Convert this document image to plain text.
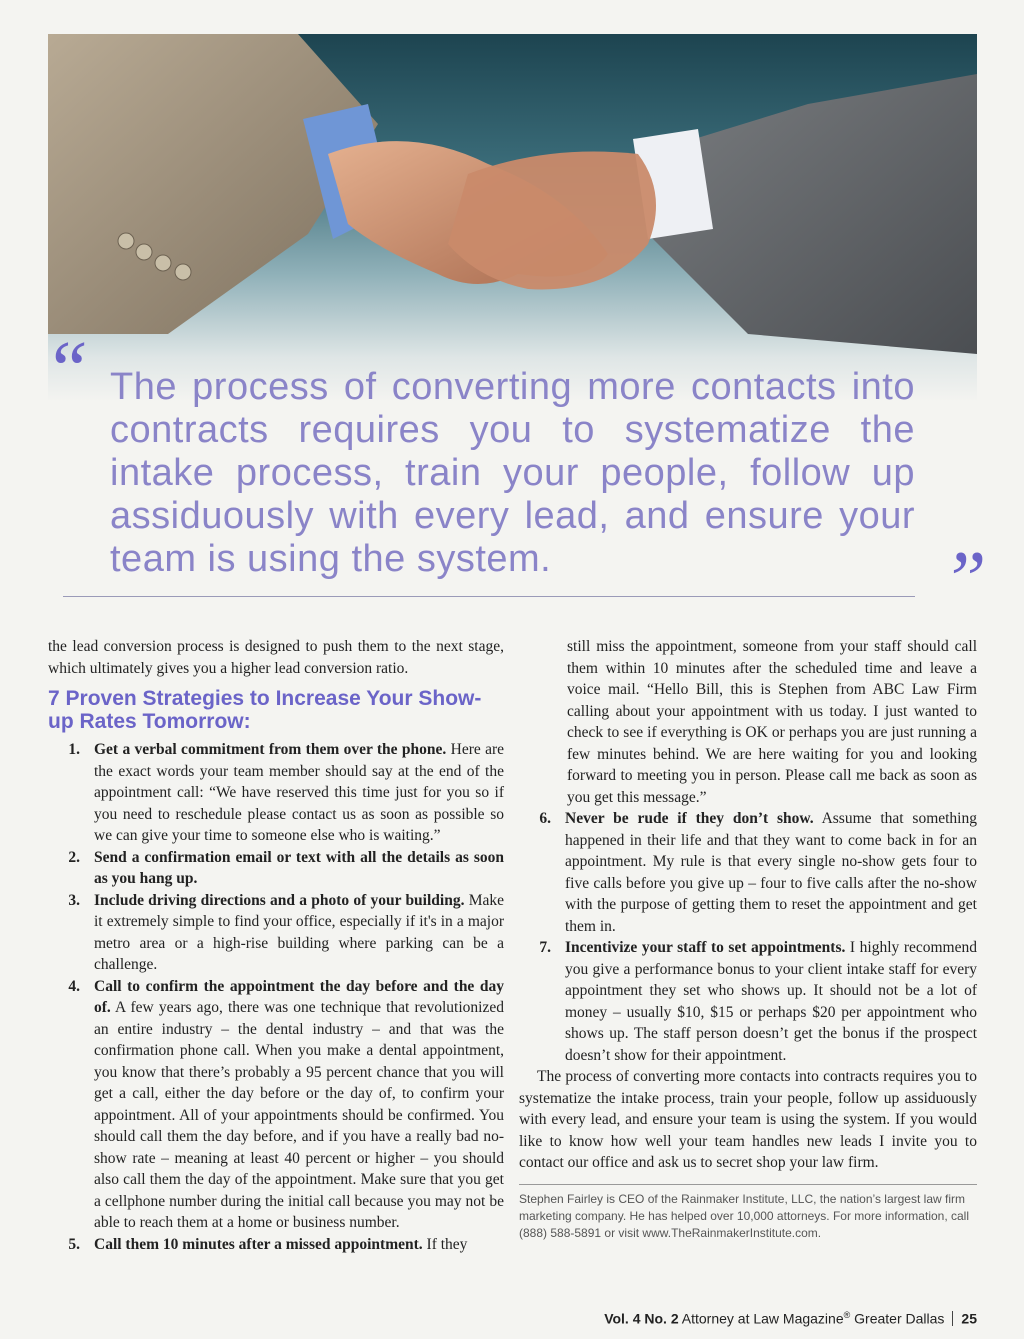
“ The process of converting more contacts into contracts requires you to systematize the intake process, train your people, follow up assiduously with every lead, and ensure your team is using the system.	”

the lead conversion process is designed to push them to the next stage, which ultimately gives you a higher lead conversion ratio.

7 Proven Strategies to Increase Your Show-up Rates Tomorrow:

1. Get a verbal commitment from them over the phone. Here are the exact words your team member should say at the end of the appointment call: “We have reserved this time just for you so if you need to reschedule please contact us as soon as possible so we can give your time to someone else who is waiting.”
2. Send a confirmation email or text with all the details as soon as you hang up.
3. Include driving directions and a photo of your building. Make it extremely simple to find your office, especially if it's in a major metro area or a high-rise building where parking can be a challenge.
4. Call to confirm the appointment the day before and the day of. A few years ago, there was one technique that revolutionized an entire industry – the dental industry – and that was the confirmation phone call. When you make a dental appointment, you know that there’s probably a 95 percent chance that you will get a call, either the day before or the day of, to confirm your appointment. All of your appointments should be confirmed. You should call them the day before, and if you have a really bad no-show rate – meaning at least 40 percent or higher – you should also call them the day of the appointment. Make sure that you get a cellphone number during the initial call because you may not be able to reach them at a home or business number.
5. Call them 10 minutes after a missed appointment. If they

still miss the appointment, someone from your staff should call them within 10 minutes after the scheduled time and leave a voice mail. “Hello Bill, this is Stephen from ABC Law Firm calling about your appointment with us today. I just wanted to check to see if everything is OK or perhaps you are just running a few minutes behind. We are here waiting for you and looking forward to meeting you in person. Please call me back as soon as you get this message.”

6. Never be rude if they don’t show. Assume that something happened in their life and that they want to come back in for an appointment. My rule is that every single no-show gets four to five calls before you give up – four to five calls after the no-show with the purpose of getting them to reset the appointment and get them in.
7. Incentivize your staff to set appointments. I highly recommend you give a performance bonus to your client intake staff for every appointment they set who shows up. It should not be a lot of money – usually $10, $15 or perhaps $20 per appointment who shows up. The staff person doesn’t get the bonus if the prospect doesn’t show for their appointment.

The process of converting more contacts into contracts requires you to systematize the intake process, train your people, follow up assiduously with every lead, and ensure your team is using the system. If you would like to know how well your team handles new leads I invite you to contact our office and ask us to secret shop your law firm.

Stephen Fairley is CEO of the Rainmaker Institute, LLC, the nation’s largest law firm marketing company. He has helped over 10,000 attorneys. For more information, call (888) 588-5891 or visit www.TheRainmakerInstitute.com.

Vol. 4 No. 2 Attorney at Law Magazine® Greater Dallas 25
